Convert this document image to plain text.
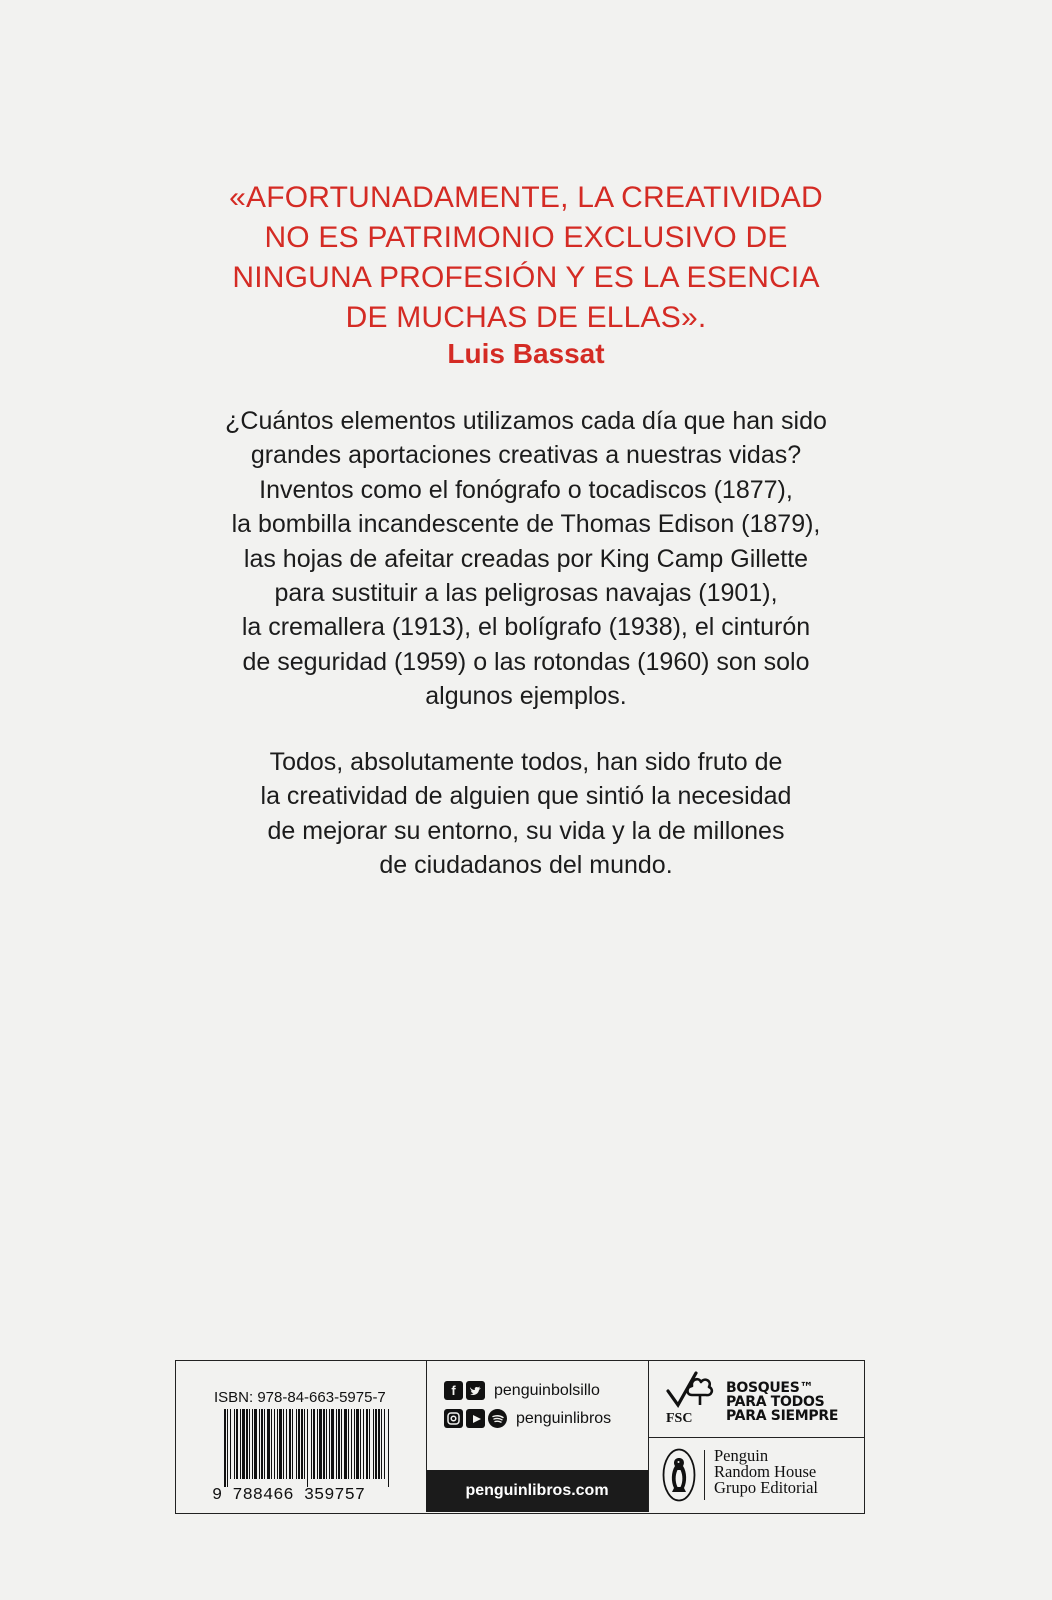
«AFORTUNADAMENTE, LA CREATIVIDAD
NO ES PATRIMONIO EXCLUSIVO DE
NINGUNA PROFESIÓN Y ES LA ESENCIA
DE MUCHAS DE ELLAS».
Luis Bassat
¿Cuántos elementos utilizamos cada día que han sido
grandes aportaciones creativas a nuestras vidas?
Inventos como el fonógrafo o tocadiscos (1877),
la bombilla incandescente de Thomas Edison (1879),
las hojas de afeitar creadas por King Camp Gillette
para sustituir a las peligrosas navajas (1901),
la cremallera (1913), el bolígrafo (1938), el cinturón
de seguridad (1959) o las rotondas (1960) son solo
algunos ejemplos.
Todos, absolutamente todos, han sido fruto de
la creatividad de alguien que sintió la necesidad
de mejorar su entorno, su vida y la de millones
de ciudadanos del mundo.
ISBN: 978-84-663-5975-7
9 788466 359757
f	penguinbolsillo
penguinlibros
penguinlibros.com
FSC
BOSQUES™
PARA TODOS
PARA SIEMPRE
Penguin
Random House
Grupo Editorial
